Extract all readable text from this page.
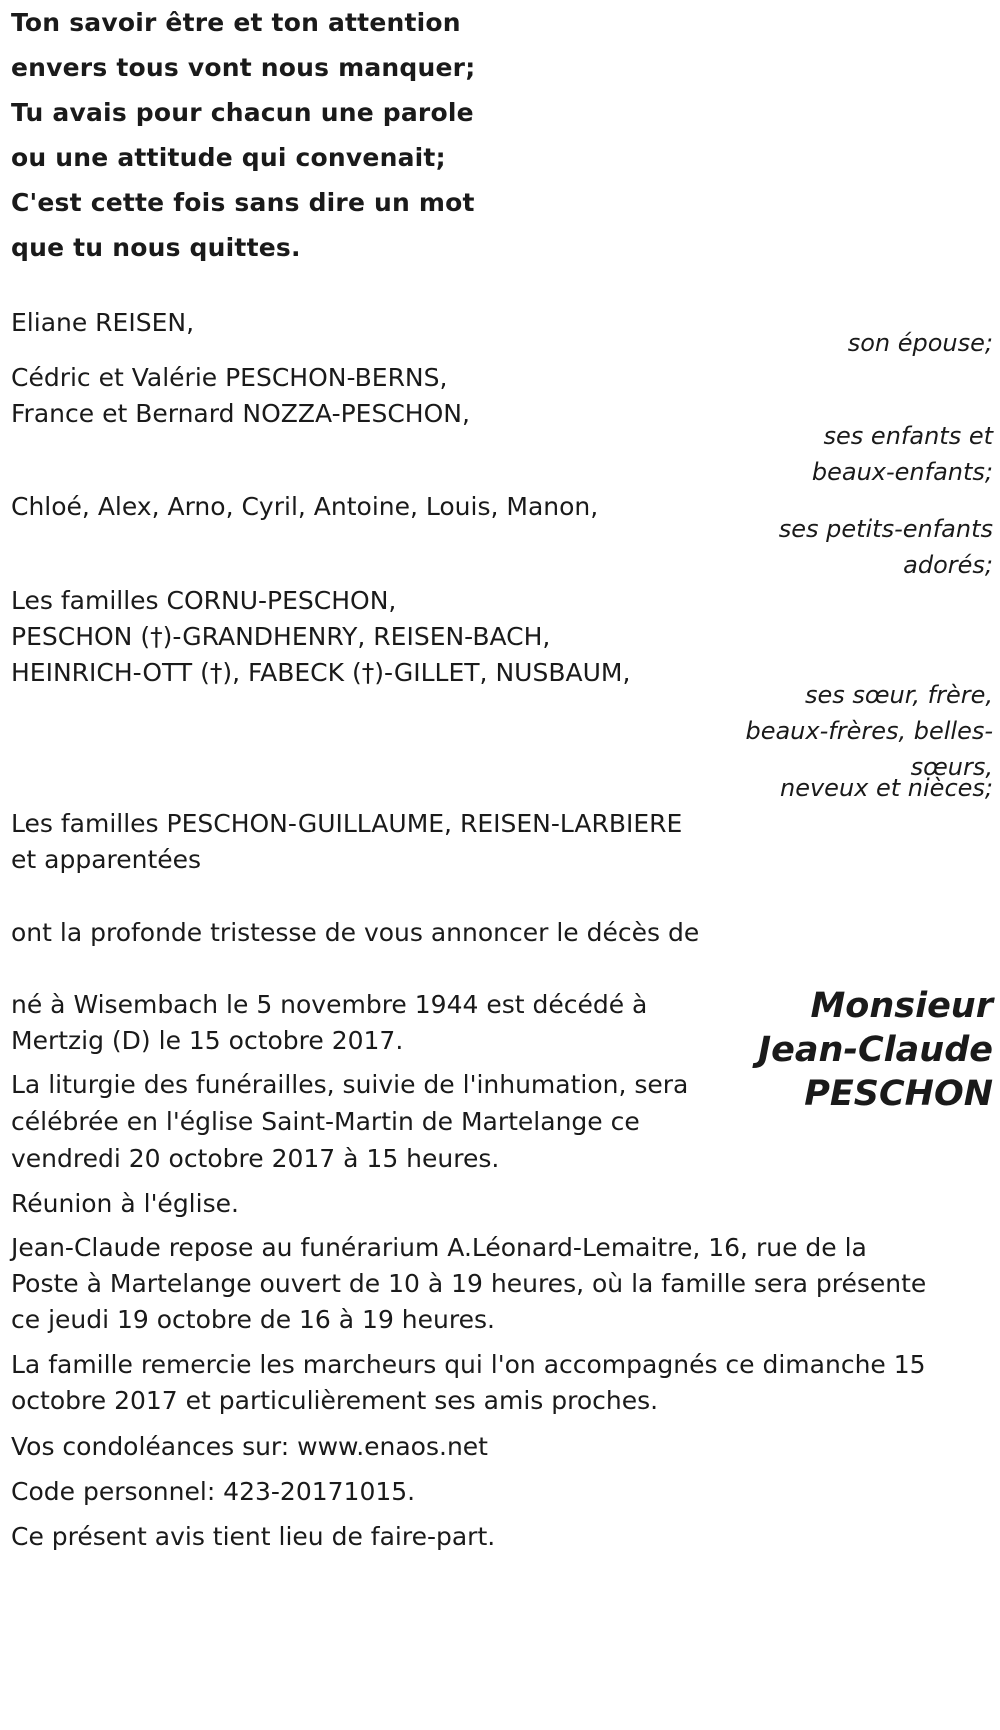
Ton savoir être et ton attention
envers tous vont nous manquer;
Tu avais pour chacun une parole
ou une attitude qui convenait;
C'est cette fois sans dire un mot
que tu nous quittes.
Eliane REISEN,
son épouse;
Cédric et Valérie PESCHON-BERNS,
France et Bernard NOZZA-PESCHON,
ses enfants et
beaux-enfants;
Chloé, Alex, Arno, Cyril, Antoine, Louis, Manon,
ses petits-enfants
adorés;
Les familles CORNU-PESCHON,
PESCHON (†)-GRANDHENRY, REISEN-BACH,
HEINRICH-OTT (†), FABECK (†)-GILLET, NUSBAUM,
ses sœur, frère,
beaux-frères, belles-
sœurs,
neveux et nièces;
Les familles PESCHON-GUILLAUME, REISEN-LARBIERE
et apparentées
ont la profonde tristesse de vous annoncer le décès de
Monsieur
Jean-Claude
PESCHON
né à Wisembach le 5 novembre 1944 est décédé à
Mertzig (D) le 15 octobre 2017.
La liturgie des funérailles, suivie de l'inhumation, sera
célébrée en l'église Saint-Martin de Martelange ce
vendredi 20 octobre 2017 à 15 heures.
Réunion à l'église.
Jean-Claude repose au funérarium A.Léonard-Lemaitre, 16, rue de la
Poste à Martelange ouvert de 10 à 19 heures, où la famille sera présente
ce jeudi 19 octobre de 16 à 19 heures.
La famille remercie les marcheurs qui l'on accompagnés ce dimanche 15
octobre 2017 et particulièrement ses amis proches.
Vos condoléances sur: www.enaos.net
Code personnel: 423-20171015.
Ce présent avis tient lieu de faire-part.
